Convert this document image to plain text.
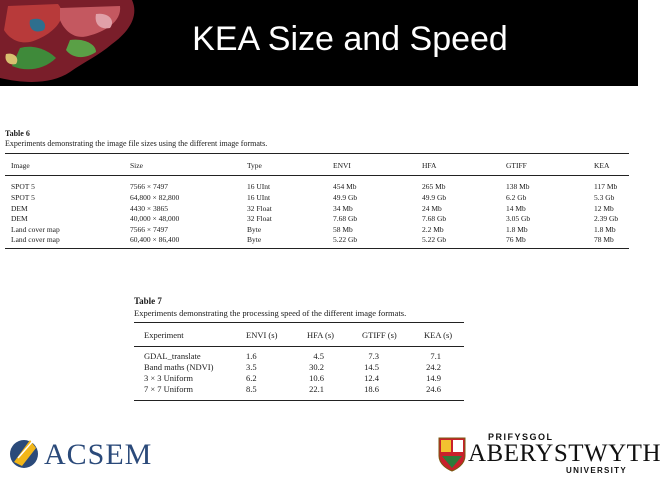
KEA Size and Speed
Table 6
Experiments demonstrating the image file sizes using the different image formats.
Image	Size	Type	ENVI	HFA	GTIFF	KEA
SPOT 5	7566 × 7497	16 UInt	454 Mb	265 Mb	138 Mb	117 Mb
SPOT 5	64,800 × 82,800	16 UInt	49.9 Gb	49.9 Gb	6.2 Gb	5.3 Gb
DEM	4430 × 3865	32 Float	34 Mb	24 Mb	14 Mb	12 Mb
DEM	40,000 × 48,000	32 Float	7.68 Gb	7.68 Gb	3.05 Gb	2.39 Gb
Land cover map	7566 × 7497	Byte	58 Mb	2.2 Mb	1.8 Mb	1.8 Mb
Land cover map	60,400 × 86,400	Byte	5.22 Gb	5.22 Gb	76 Mb	78 Mb
Table 7
Experiments demonstrating the processing speed of the different image formats.
Experiment	ENVI (s)	HFA (s)	GTIFF (s)	KEA (s)
GDAL_translate	1.6	4.5	7.3	7.1
Band maths (NDVI)	3.5	30.2	14.5	24.2
3 × 3 Uniform	6.2	10.6	12.4	14.9
7 × 7 Uniform	8.5	22.1	18.6	24.6
ACSEM
PRIFYSGOL
ABERYSTWYTH
UNIVERSITY
